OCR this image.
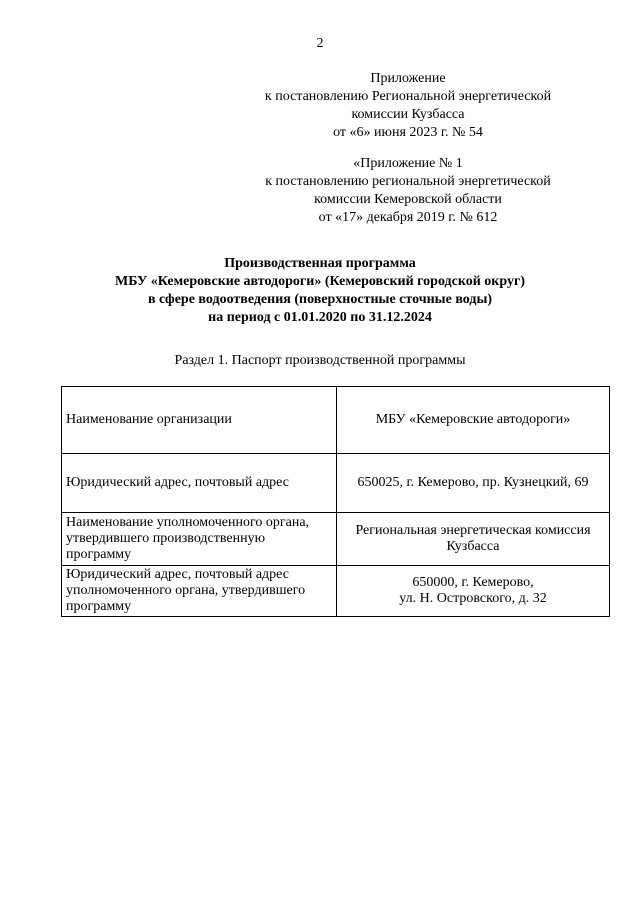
2
Приложение
к постановлению Региональной энергетической
комиссии Кузбасса
от «6» июня 2023 г. № 54
«Приложение № 1
к постановлению региональной энергетической
комиссии Кемеровской области
от «17» декабря 2019 г. № 612
Производственная программа
МБУ «Кемеровские автодороги» (Кемеровский городской округ)
в сфере водоотведения (поверхностные сточные воды)
на период с 01.01.2020 по 31.12.2024
Раздел 1. Паспорт производственной программы
Наименование организации	МБУ «Кемеровские автодороги»
Юридический адрес, почтовый адрес	650025, г. Кемерово, пр. Кузнецкий, 69
Наименование уполномоченного органа, утвердившего производственную программу	Региональная энергетическая комиссия Кузбасса
Юридический адрес, почтовый адрес уполномоченного органа, утвердившего программу	650000, г. Кемерово,
ул. Н. Островского, д. 32
